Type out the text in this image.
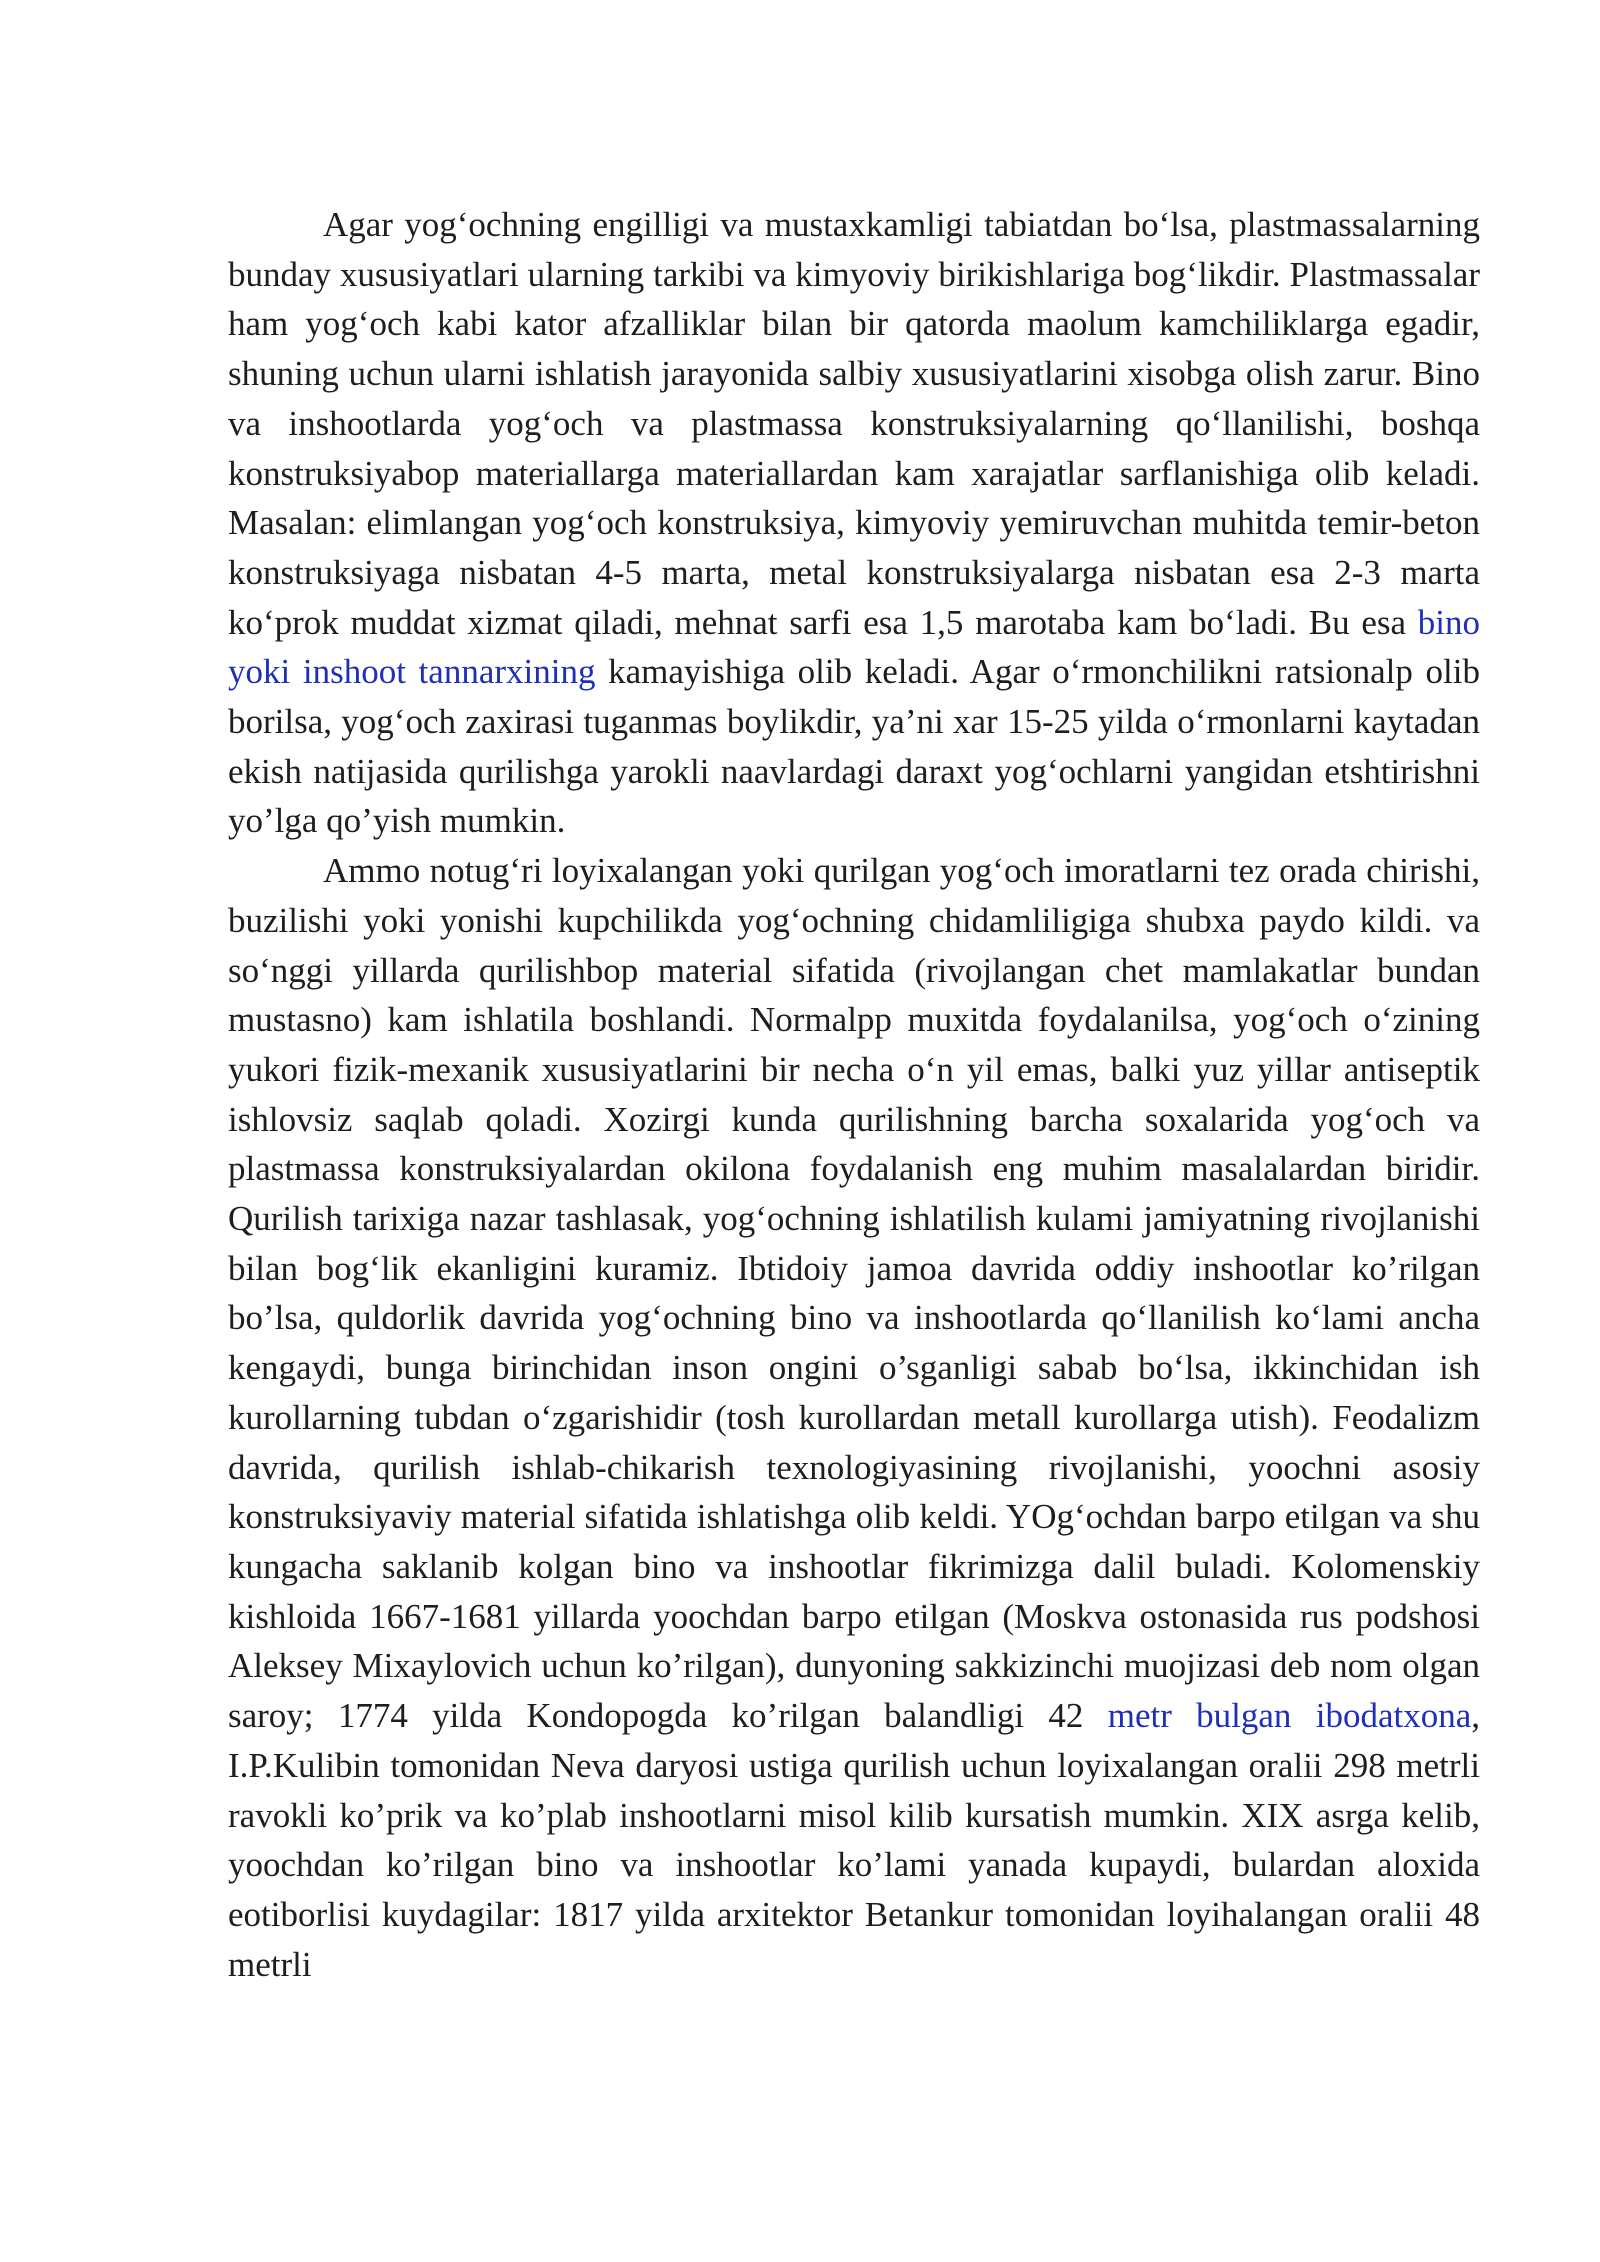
Agar yog‘ochning engilligi va mustaxkamligi tabiatdan bo‘lsa, plastmassalarning bunday xususiyatlari ularning tarkibi va kimyoviy birikishlariga bog‘likdir. Plastmassalar ham yog‘och kabi kator afzalliklar bilan bir qatorda maolum kamchiliklarga egadir, shuning uchun ularni ishlatish jarayonida salbiy xususiyatlarini xisobga olish zarur. Bino va inshootlarda yog‘och va plastmassa konstruksiyalarning qo‘llanilishi, boshqa konstruksiyabop materiallarga materiallardan kam xarajatlar sarflanishiga olib keladi. Masalan: elimlangan yog‘och konstruksiya, kimyoviy yemiruvchan muhitda temir-beton konstruksiyaga nisbatan 4-5 marta, metal konstruksiyalarga nisbatan esa 2-3 marta ko‘prok muddat xizmat qiladi, mehnat sarfi esa 1,5 marotaba kam bo‘ladi. Bu esa bino yoki inshoot tannarxining kamayishiga olib keladi. Agar o‘rmonchilikni ratsionalp olib borilsa, yog‘och zaxirasi tuganmas boylikdir, ya’ni xar 15-25 yilda o‘rmonlarni kaytadan ekish natijasida qurilishga yarokli naavlardagi daraxt yog‘ochlarni yangidan etshtirishni yo’lga qo’yish mumkin.

Ammo notug‘ri loyixalangan yoki qurilgan yog‘och imoratlarni tez orada chirishi, buzilishi yoki yonishi kupchilikda yog‘ochning chidamliligiga shubxa paydo kildi. va so‘nggi yillarda qurilishbop material sifatida (rivojlangan chet mamlakatlar bundan mustasno) kam ishlatila boshlandi. Normalpp muxitda foydalanilsa, yog‘och o‘zining yukori fizik-mexanik xususiyatlarini bir necha o‘n yil emas, balki yuz yillar antiseptik ishlovsiz saqlab qoladi. Xozirgi kunda qurilishning barcha soxalarida yog‘och va plastmassa konstruksiyalardan okilona foydalanish eng muhim masalalardan biridir. Qurilish tarixiga nazar tashlasak, yog‘ochning ishlatilish kulami jamiyatning rivojlanishi bilan bog‘lik ekanligini kuramiz. Ibtidoiy jamoa davrida oddiy inshootlar ko’rilgan bo’lsa, quldorlik davrida yog‘ochning bino va inshootlarda qo‘llanilish ko‘lami ancha kengaydi, bunga birinchidan inson ongini o’sganligi sabab bo‘lsa, ikkinchidan ish kurollarning tubdan o‘zgarishidir (tosh kurollardan metall kurollarga utish). Feodalizm davrida, qurilish ishlab-chikarish texnologiyasining rivojlanishi, yoochni asosiy konstruksiyaviy material sifatida ishlatishga olib keldi. YOg‘ochdan barpo etilgan va shu kungacha saklanib kolgan bino va inshootlar fikrimizga dalil buladi. Kolomenskiy kishloida 1667-1681 yillarda yoochdan barpo etilgan (Moskva ostonasida rus podshosi Aleksey Mixaylovich uchun ko’rilgan), dunyoning sakkizinchi muojizasi deb nom olgan saroy; 1774 yilda Kondopogda ko’rilgan balandligi 42 metr bulgan ibodatxona, I.P.Kulibin tomonidan Neva daryosi ustiga qurilish uchun loyixalangan oralii 298 metrli ravokli ko’prik va ko’plab inshootlarni misol kilib kursatish mumkin. XIX asrga kelib, yoochdan ko’rilgan bino va inshootlar ko’lami yanada kupaydi, bulardan aloxida eotiborlisi kuydagilar: 1817 yilda arxitektor Betankur tomonidan loyihalangan oralii 48 metrli
